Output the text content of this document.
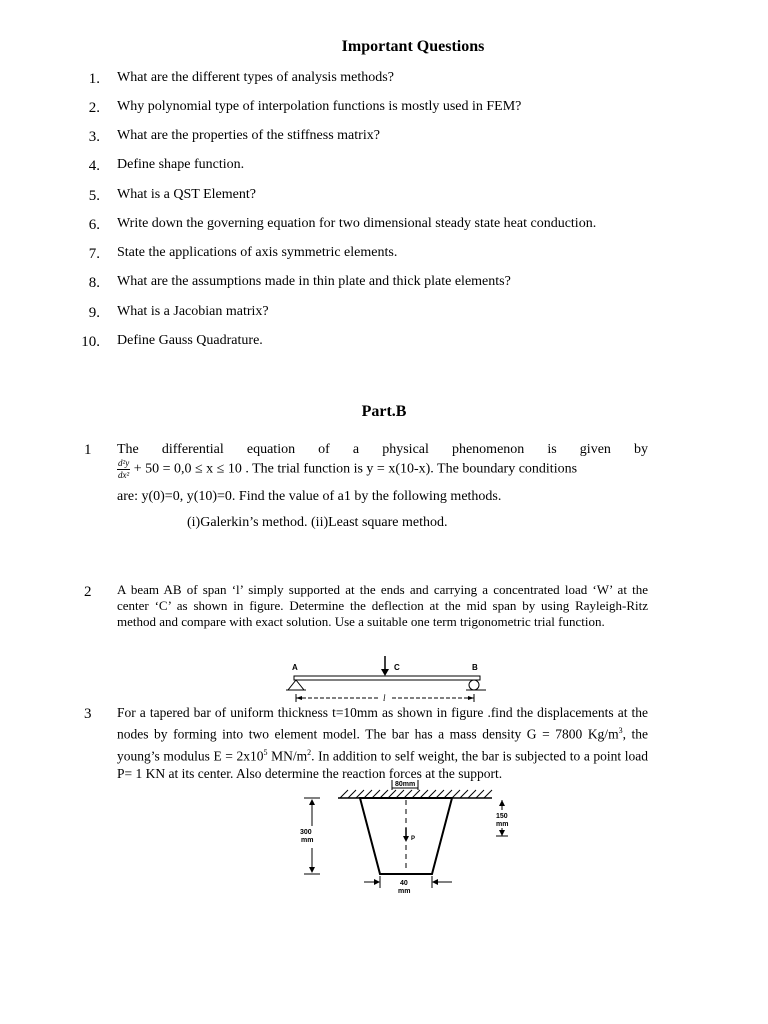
Important Questions
1. What are the different types of analysis methods?
2. Why polynomial type of interpolation functions is mostly used in FEM?
3. What are the properties of the stiffness matrix?
4. Define shape function.
5. What is a QST Element?
6. Write down the governing equation for two dimensional steady state heat conduction.
7. State the applications of axis symmetric elements.
8. What are the assumptions made in thin plate and thick plate elements?
9. What is a Jacobian matrix?
10. Define Gauss Quadrature.
Part.B
1 The differential equation of a physical phenomenon is given by
$\frac{\text{d²y}}{\text{dx²}} + 50 = 0,0 \le x \le 10$ . The trial function is y = x(10-x). The boundary conditions
are: y(0)=0, y(10)=0. Find the value of a1 by the following methods.
(i)Galerkin’s method. (ii)Least square method.
2 A beam AB of span ‘l’ simply supported at the ends and carrying a concentrated load ‘W’ at the center ‘C’ as shown in figure. Determine the deflection at the mid span by using Rayleigh-Ritz method and compare with exact solution. Use a suitable one term trigonometric trial function.
A	C	B
l
3 For a tapered bar of uniform thickness t=10mm as shown in figure .find the displacements at the nodes by forming into two element model. The bar has a mass density G = 7800 $Kg/m^3$, the young’s modulus $E = 2x10^5$ $MN/m^2$. In addition to self weight, the bar is subjected to a point load P= 1 KN at its center. Also determine the reaction forces at the support.
80mm
P
300
mm
150
mm
40
mm
